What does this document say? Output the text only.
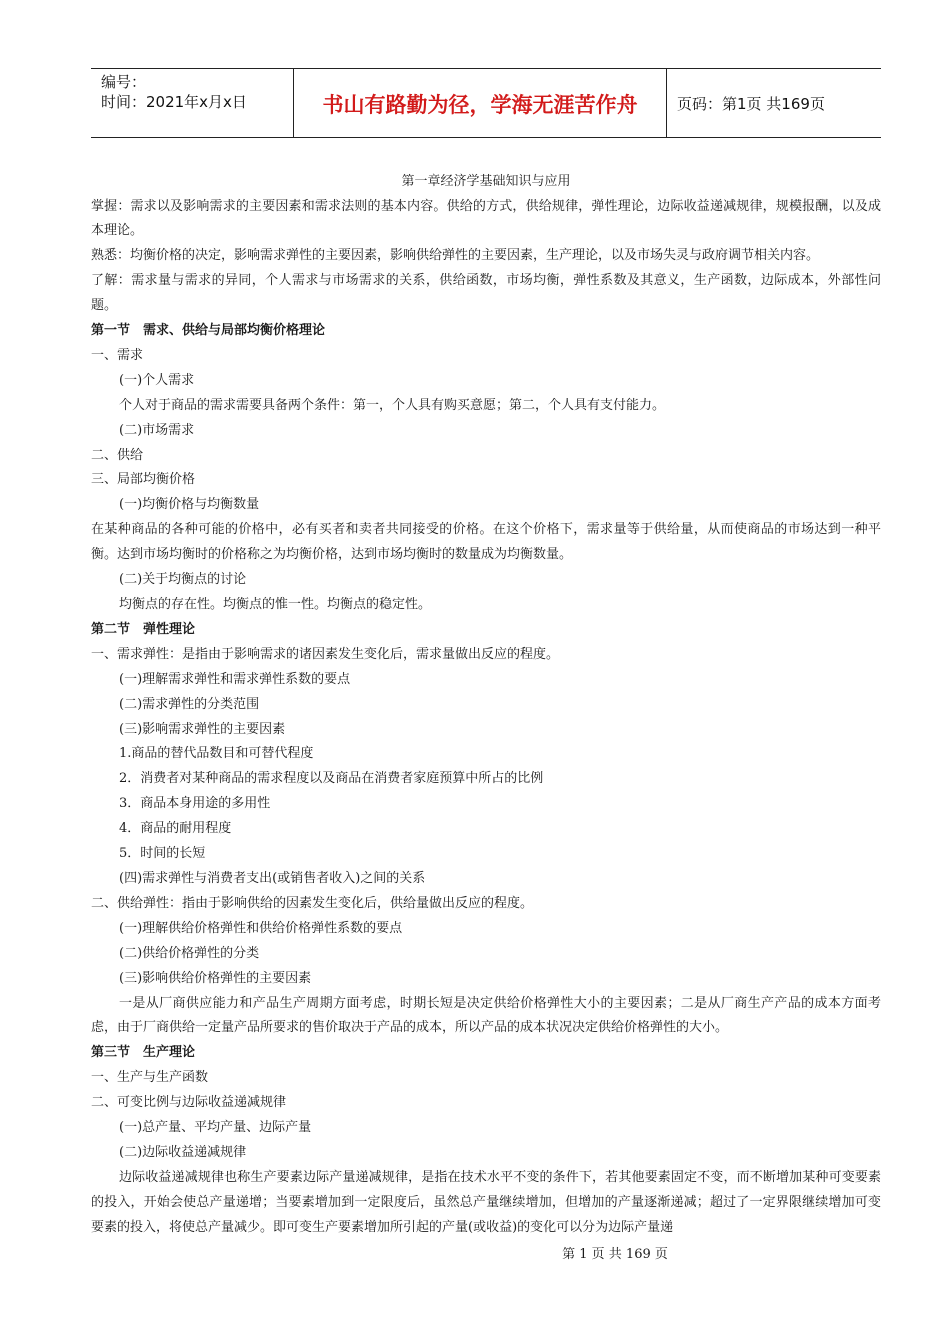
编号：
时间：2021年x月x日	书山有路勤为径，学海无涯苦作舟	页码：第1页 共169页
第一章经济学基础知识与应用

掌握：需求以及影响需求的主要因素和需求法则的基本内容。供给的方式，供给规律，弹性理论，边际收益递减规律，规模报酬，以及成本理论。

熟悉：均衡价格的决定，影响需求弹性的主要因素，影响供给弹性的主要因素，生产理论，以及市场失灵与政府调节相关内容。

了解：需求量与需求的异同，个人需求与市场需求的关系，供给函数，市场均衡，弹性系数及其意义，生产函数，边际成本，外部性问题。

第一节　需求、供给与局部均衡价格理论

一、需求

(一)个人需求

个人对于商品的需求需要具备两个条件：第一，个人具有购买意愿；第二，个人具有支付能力。

(二)市场需求

二、供给

三、局部均衡价格

(一)均衡价格与均衡数量

在某种商品的各种可能的价格中，必有买者和卖者共同接受的价格。在这个价格下，需求量等于供给量，从而使商品的市场达到一种平衡。达到市场均衡时的价格称之为均衡价格，达到市场均衡时的数量成为均衡数量。

(二)关于均衡点的讨论

均衡点的存在性。均衡点的惟一性。均衡点的稳定性。

第二节　弹性理论

一、需求弹性：是指由于影响需求的诸因素发生变化后，需求量做出反应的程度。

(一)理解需求弹性和需求弹性系数的要点

(二)需求弹性的分类范围

(三)影响需求弹性的主要因素

1.商品的替代品数目和可替代程度

2．消费者对某种商品的需求程度以及商品在消费者家庭预算中所占的比例

3．商品本身用途的多用性

4．商品的耐用程度

5．时间的长短

(四)需求弹性与消费者支出(或销售者收入)之间的关系

二、供给弹性：指由于影响供给的因素发生变化后，供给量做出反应的程度。

(一)理解供给价格弹性和供给价格弹性系数的要点

(二)供给价格弹性的分类

(三)影响供给价格弹性的主要因素

一是从厂商供应能力和产品生产周期方面考虑，时期长短是决定供给价格弹性大小的主要因素；二是从厂商生产产品的成本方面考虑，由于厂商供给一定量产品所要求的售价取决于产品的成本，所以产品的成本状况决定供给价格弹性的大小。

第三节　生产理论

一、生产与生产函数

二、可变比例与边际收益递减规律

(一)总产量、平均产量、边际产量

(二)边际收益递减规律

边际收益递减规律也称生产要素边际产量递减规律，是指在技术水平不变的条件下，若其他要素固定不变，而不断增加某种可变要素的投入，开始会使总产量递增；当要素增加到一定限度后，虽然总产量继续增加，但增加的产量逐渐递减；超过了一定界限继续增加可变要素的投入，将使总产量减少。即可变生产要素增加所引起的产量(或收益)的变化可以分为边际产量递

第 1 页 共 169 页
